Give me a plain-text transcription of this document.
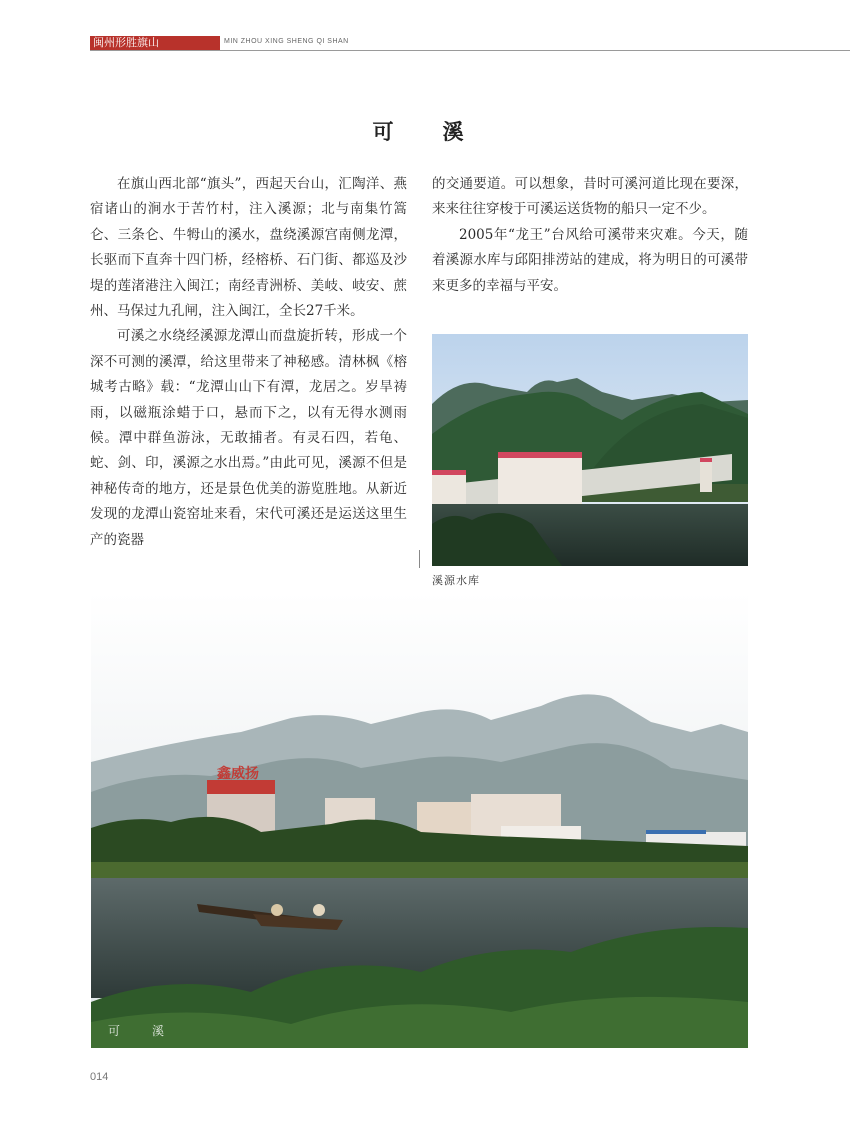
闽州形胜旗山	MIN ZHOU XING SHENG QI SHAN
可　溪

在旗山西北部“旗头”，西起天台山，汇陶洋、燕宿诸山的涧水于苦竹村，注入溪源；北与南集竹篙仑、三条仑、牛牳山的溪水，盘绕溪源宫南侧龙潭，长驱而下直奔十四门桥，经榕桥、石门街、都巡及沙堤的莲渚港注入闽江；南经青洲桥、美岐、岐安、蔗州、马保过九孔闸，注入闽江，全长27千米。

可溪之水绕经溪源龙潭山而盘旋折转，形成一个深不可测的溪潭，给这里带来了神秘感。清林枫《榕城考古略》载：“龙潭山山下有潭，龙居之。岁旱祷雨，以磁瓶涂蜡于口，悬而下之，以有无得水测雨候。潭中群鱼游泳，无敢捕者。有灵石四，若龟、蛇、剑、印，溪源之水出焉。”由此可见，溪源不但是神秘传奇的地方，还是景色优美的游览胜地。从新近发现的龙潭山瓷窑址来看，宋代可溪还是运送这里生产的瓷器

的交通要道。可以想象，昔时可溪河道比现在要深，来来往往穿梭于可溪运送货物的船只一定不少。

2005年“龙王”台风给可溪带来灾难。今天，随着溪源水库与邱阳排涝站的建成，将为明日的可溪带来更多的幸福与平安。

溪源水库
鑫威扬
可　溪
014
